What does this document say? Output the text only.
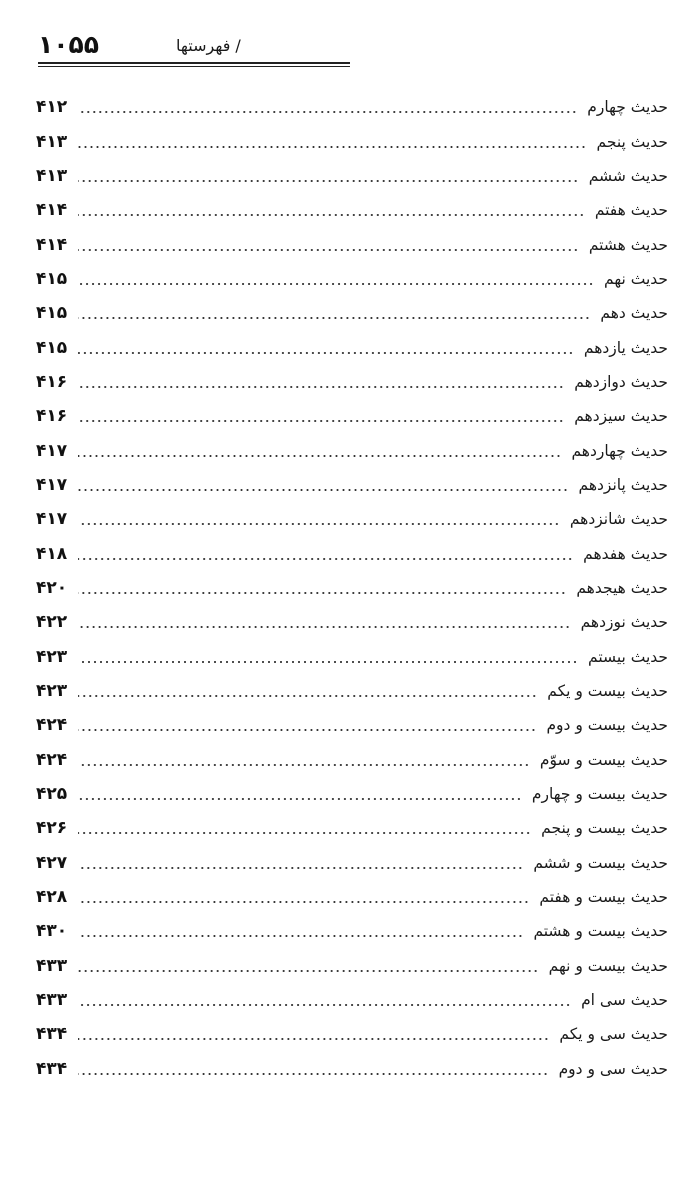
۱۰۵۵	/ فهرستها
حدیث چهارم
۴۱۲
حدیث پنجم
۴۱۳
حدیث ششم
۴۱۳
حدیث هفتم
۴۱۴
حدیث هشتم
۴۱۴
حدیث نهم
۴۱۵
حدیث دهم
۴۱۵
حدیث یازدهم
۴۱۵
حدیث دوازدهم
۴۱۶
حدیث سیزدهم
۴۱۶
حدیث چهاردهم
۴۱۷
حدیث پانزدهم
۴۱۷
حدیث شانزدهم
۴۱۷
حدیث هفدهم
۴۱۸
حدیث هیجدهم
۴۲۰
حدیث نوزدهم
۴۲۲
حدیث بیستم
۴۲۳
حدیث بیست و یکم
۴۲۳
حدیث بیست و دوم
۴۲۴
حدیث بیست و سوّم
۴۲۴
حدیث بیست و چهارم
۴۲۵
حدیث بیست و پنجم
۴۲۶
حدیث بیست و ششم
۴۲۷
حدیث بیست و هفتم
۴۲۸
حدیث بیست و هشتم
۴۳۰
حدیث بیست و نهم
۴۳۳
حدیث سی ام
۴۳۳
حدیث سی و یکم
۴۳۴
حدیث سی و دوم
۴۳۴
